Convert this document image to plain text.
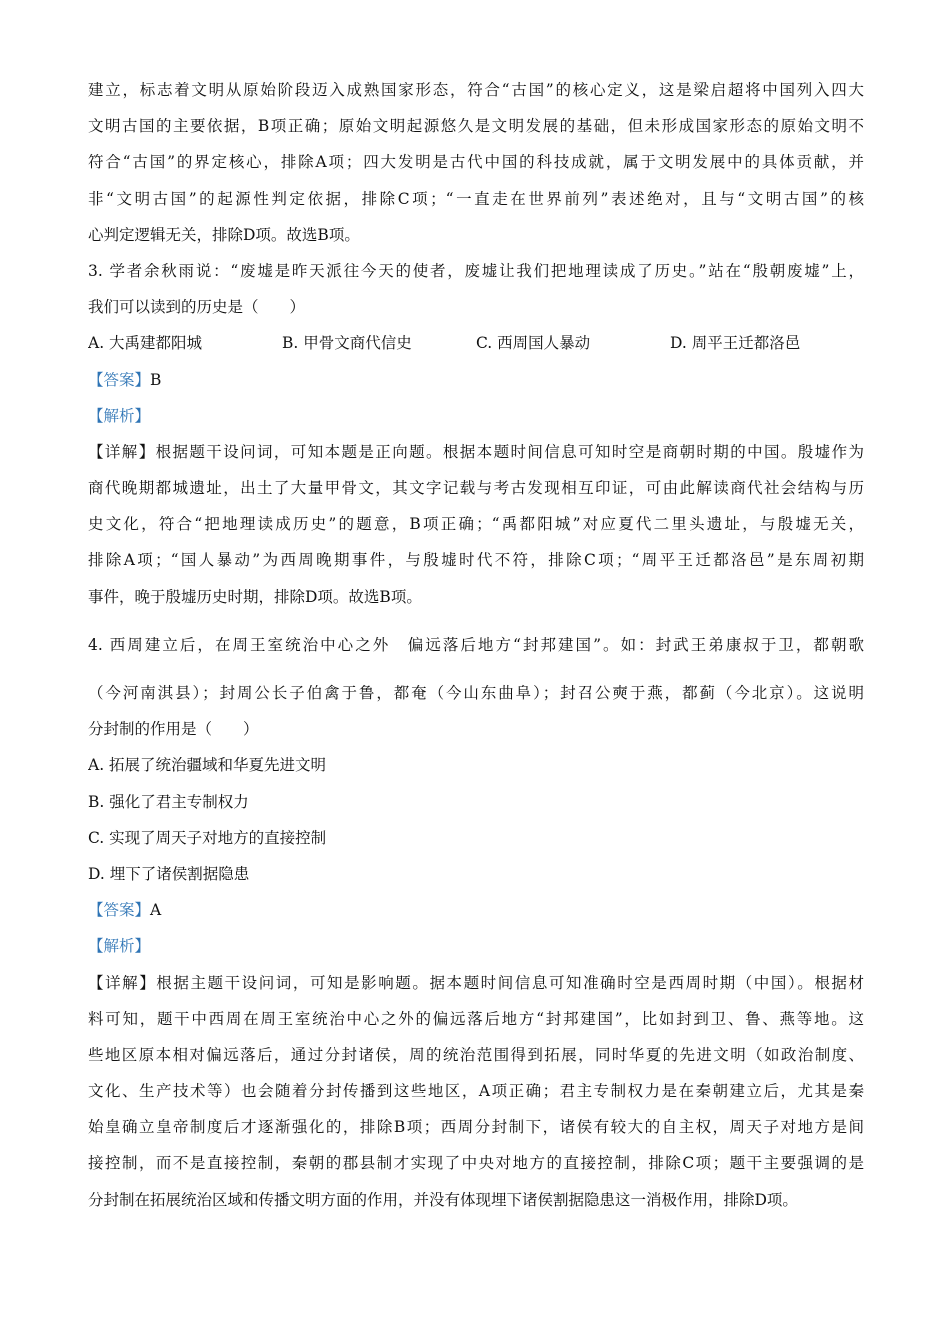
建立，标志着文明从原始阶段迈入成熟国家形态，符合“古国”的核心定义，这是梁启超将中国列入四大
文明古国的主要依据，B项正确；原始文明起源悠久是文明发展的基础，但未形成国家形态的原始文明不
符合“古国”的界定核心，排除A项；四大发明是古代中国的科技成就，属于文明发展中的具体贡献，并
非“文明古国”的起源性判定依据，排除C项；“一直走在世界前列”表述绝对，且与“文明古国”的核
心判定逻辑无关，排除D项。故选B项。
3. 学者余秋雨说：“废墟是昨天派往今天的使者，废墟让我们把地理读成了历史。”站在“殷朝废墟”上，
我们可以读到的历史是（　　）
A. 大禹建都阳城	B. 甲骨文商代信史	C. 西周国人暴动	D. 周平王迁都洛邑
【答案】B
【解析】
【详解】根据题干设问词，可知本题是正向题。根据本题时间信息可知时空是商朝时期的中国。殷墟作为
商代晚期都城遗址，出土了大量甲骨文，其文字记载与考古发现相互印证，可由此解读商代社会结构与历
史文化，符合“把地理读成历史”的题意，B项正确；“禹都阳城”对应夏代二里头遗址，与殷墟无关，
排除A项；“国人暴动”为西周晚期事件，与殷墟时代不符，排除C项；“周平王迁都洛邑”是东周初期
事件，晚于殷墟历史时期，排除D项。故选B项。
4. 西周建立后，在周王室统治中心之外　偏远落后地方“封邦建国”。如：封武王弟康叔于卫，都朝歌
（今河南淇县）；封周公长子伯禽于鲁，都奄（今山东曲阜）；封召公奭于燕，都蓟（今北京）。这说明
分封制的作用是（　　）
A. 拓展了统治疆域和华夏先进文明
B. 强化了君主专制权力
C. 实现了周天子对地方的直接控制
D. 埋下了诸侯割据隐患
【答案】A
【解析】
【详解】根据主题干设问词，可知是影响题。据本题时间信息可知准确时空是西周时期（中国）。根据材
料可知，题干中西周在周王室统治中心之外的偏远落后地方“封邦建国”，比如封到卫、鲁、燕等地。这
些地区原本相对偏远落后，通过分封诸侯，周的统治范围得到拓展，同时华夏的先进文明（如政治制度、
文化、生产技术等）也会随着分封传播到这些地区，A项正确；君主专制权力是在秦朝建立后，尤其是秦
始皇确立皇帝制度后才逐渐强化的，排除B项；西周分封制下，诸侯有较大的自主权，周天子对地方是间
接控制，而不是直接控制，秦朝的郡县制才实现了中央对地方的直接控制，排除C项；题干主要强调的是
分封制在拓展统治区域和传播文明方面的作用，并没有体现埋下诸侯割据隐患这一消极作用，排除D项。
